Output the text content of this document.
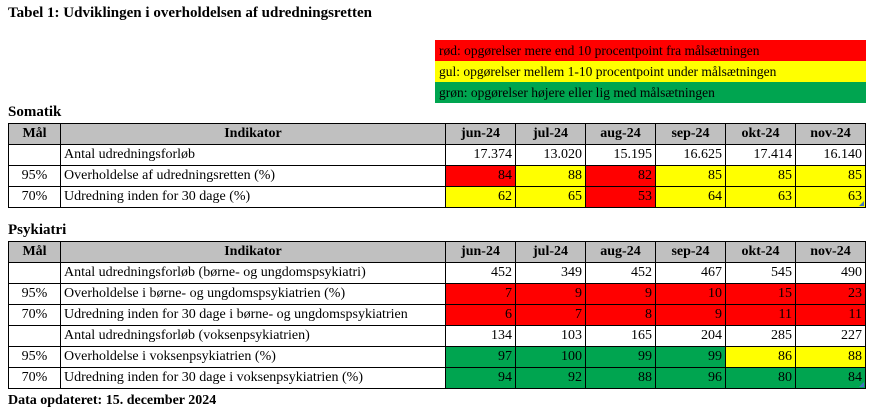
Tabel 1: Udviklingen i overholdelsen af udredningsretten
rød: opgørelser mere end 10 procentpoint fra målsætningen
gul: opgørelser mellem 1-10 procentpoint under målsætningen
grøn: opgørelser højere eller lig med målsætningen
Somatik
Mål	Indikator	jun-24	jul-24	aug-24	sep-24	okt-24	nov-24
	Antal udredningsforløb	17.374	13.020	15.195	16.625	17.414	16.140
95%	Overholdelse af udredningsretten (%)	84	88	82	85	85	85
70%	Udredning inden for 30 dage (%)	62	65	53	64	63	63
Psykiatri
Mål	Indikator	jun-24	jul-24	aug-24	sep-24	okt-24	nov-24
	Antal udredningsforløb (børne- og ungdomspsykiatri)	452	349	452	467	545	490
95%	Overholdelse i børne- og ungdomspsykiatrien (%)	7	9	9	10	15	23
70%	Udredning inden for 30 dage i børne- og ungdomspsykiatrien	6	7	8	9	11	11
	Antal udredningsforløb (voksenpsykiatrien)	134	103	165	204	285	227
95%	Overholdelse i voksenpsykiatrien (%)	97	100	99	99	86	88
70%	Udredning inden for 30 dage i voksenpsykiatrien (%)	94	92	88	96	80	84
Data opdateret: 15. december 2024
